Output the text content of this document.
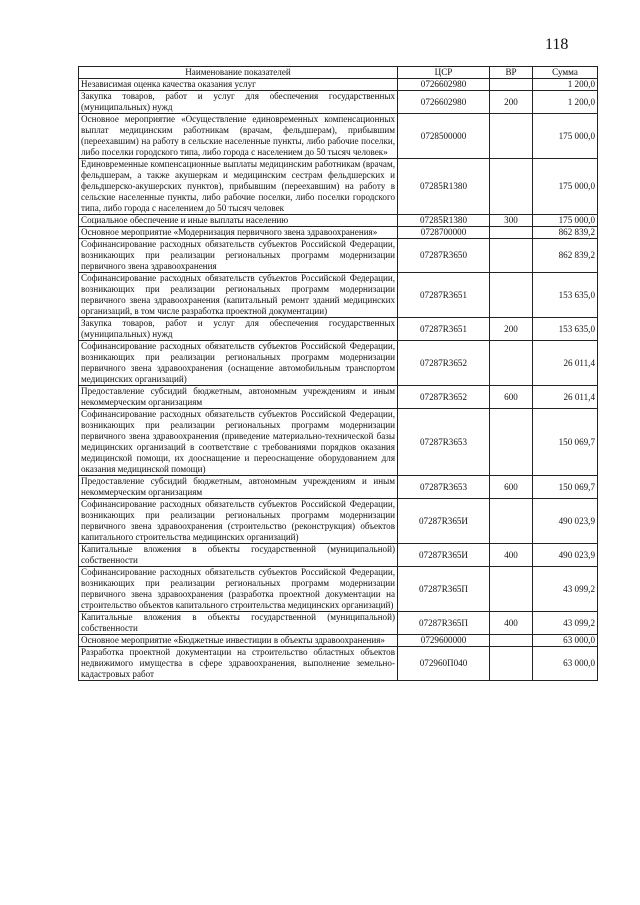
118
Наименование показателей	ЦСР	ВР	Сумма
Независимая оценка качества оказания услуг	0726602980		1 200,0
Закупка товаров, работ и услуг для обеспечения государственных (муниципальных) нужд	0726602980	200	1 200,0
Основное мероприятие «Осуществление единовременных компенсационных выплат медицинским работникам (врачам, фельдшерам), прибывшим (переехавшим) на работу в сельские населенные пункты, либо рабочие поселки, либо поселки городского типа, либо города с населением до 50 тысяч человек»	0728500000		175 000,0
Единовременные компенсационные выплаты медицинским работникам (врачам, фельдшерам, а также акушеркам и медицинским сестрам фельдшерских и фельдшерско-акушерских пунктов), прибывшим (переехавшим) на работу в сельские населенные пункты, либо рабочие поселки, либо поселки городского типа, либо города с населением до 50 тысяч человек	07285R1380		175 000,0
Социальное обеспечение и иные выплаты населению	07285R1380	300	175 000,0
Основное мероприятие «Модернизация первичного звена здравоохранения»	0728700000		862 839,2
Софинансирование расходных обязательств субъектов Российской Федерации, возникающих при реализации региональных программ модернизации первичного звена здравоохранения	07287R3650		862 839,2
Софинансирование расходных обязательств субъектов Российской Федерации, возникающих при реализации региональных программ модернизации первичного звена здравоохранения (капитальный ремонт зданий медицинских организаций, в том числе разработка проектной документации)	07287R3651		153 635,0
Закупка товаров, работ и услуг для обеспечения государственных (муниципальных) нужд	07287R3651	200	153 635,0
Софинансирование расходных обязательств субъектов Российской Федерации, возникающих при реализации региональных программ модернизации первичного звена здравоохранения (оснащение автомобильным транспортом медицинских организаций)	07287R3652		26 011,4
Предоставление субсидий бюджетным, автономным учреждениям и иным некоммерческим организациям	07287R3652	600	26 011,4
Софинансирование расходных обязательств субъектов Российской Федерации, возникающих при реализации региональных программ модернизации первичного звена здравоохранения (приведение материально-технической базы медицинских организаций в соответствие с требованиями порядков оказания медицинской помощи, их дооснащение и переоснащение оборудованием для оказания медицинской помощи)	07287R3653		150 069,7
Предоставление субсидий бюджетным, автономным учреждениям и иным некоммерческим организациям	07287R3653	600	150 069,7
Софинансирование расходных обязательств субъектов Российской Федерации, возникающих при реализации региональных программ модернизации первичного звена здравоохранения (строительство (реконструкция) объектов капитального строительства медицинских организаций)	07287R365И		490 023,9
Капитальные вложения в объекты государственной (муниципальной) собственности	07287R365И	400	490 023,9
Софинансирование расходных обязательств субъектов Российской Федерации, возникающих при реализации региональных программ модернизации первичного звена здравоохранения (разработка проектной документации на строительство объектов капитального строительства медицинских организаций)	07287R365П		43 099,2
Капитальные вложения в объекты государственной (муниципальной) собственности	07287R365П	400	43 099,2
Основное мероприятие «Бюджетные инвестиции в объекты здравоохранения»	0729600000		63 000,0
Разработка проектной документации на строительство областных объектов недвижимого имущества в сфере здравоохранения, выполнение земельно-кадастровых работ	072960П040		63 000,0
